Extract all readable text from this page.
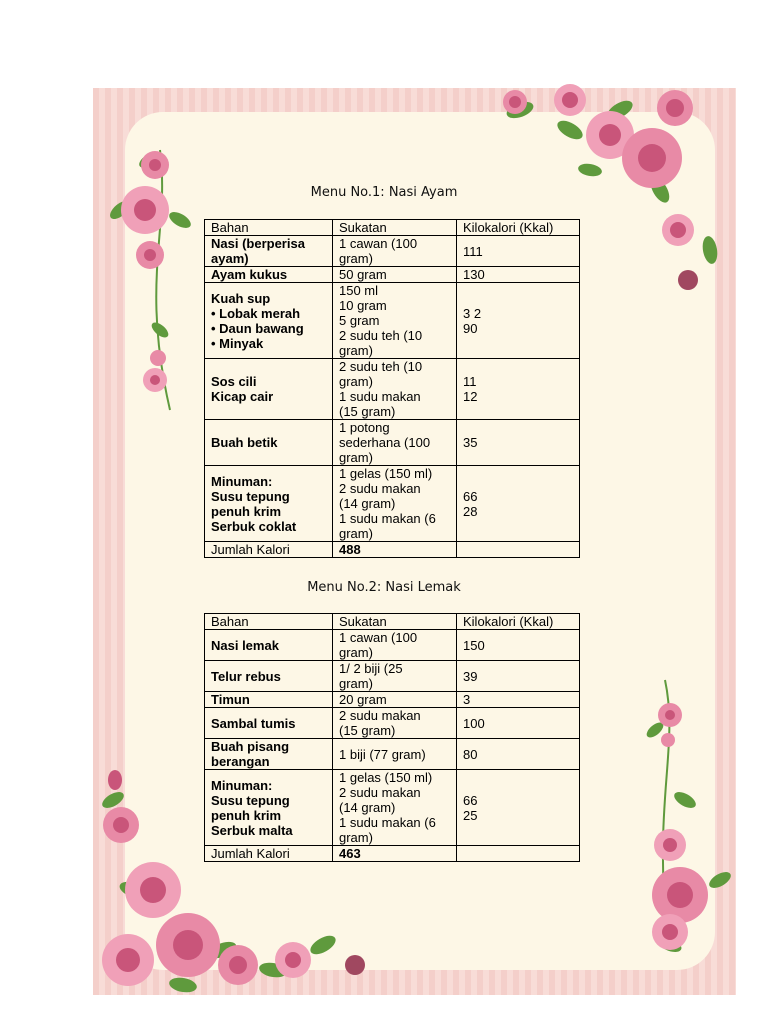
Menu No.1: Nasi Ayam
Bahan	Sukatan	Kilokalori (Kkal)

Nasi (berperisa
ayam)	1 cawan (100
gram)	111

Ayam kukus	50 gram	130

Kuah sup
• Lobak merah
• Daun bawang
• Minyak	150 ml
10 gram
5 gram
2 sudu teh (10
gram)	3 2
90

Sos cili
Kicap cair	2 sudu teh (10
gram)
1 sudu makan
(15 gram)	11
12

Buah betik	1 potong
sederhana (100
gram)	35

Minuman:
Susu tepung
penuh krim
Serbuk coklat	1 gelas (150 ml)
2 sudu makan
(14 gram)
1 sudu makan (6
gram)	66
28

Jumlah Kalori	488	
Menu No.2: Nasi Lemak
Bahan	Sukatan	Kilokalori (Kkal)

Nasi lemak	1 cawan (100
gram)	150

Telur rebus	1/ 2 biji (25
gram)	39

Timun	20 gram	3

Sambal tumis	2 sudu makan
(15 gram)	100

Buah pisang
berangan	1 biji (77 gram)	80

Minuman:
Susu tepung
penuh krim
Serbuk malta	1 gelas (150 ml)
2 sudu makan
(14 gram)
1 sudu makan (6
gram)	66
25

Jumlah Kalori	463	
